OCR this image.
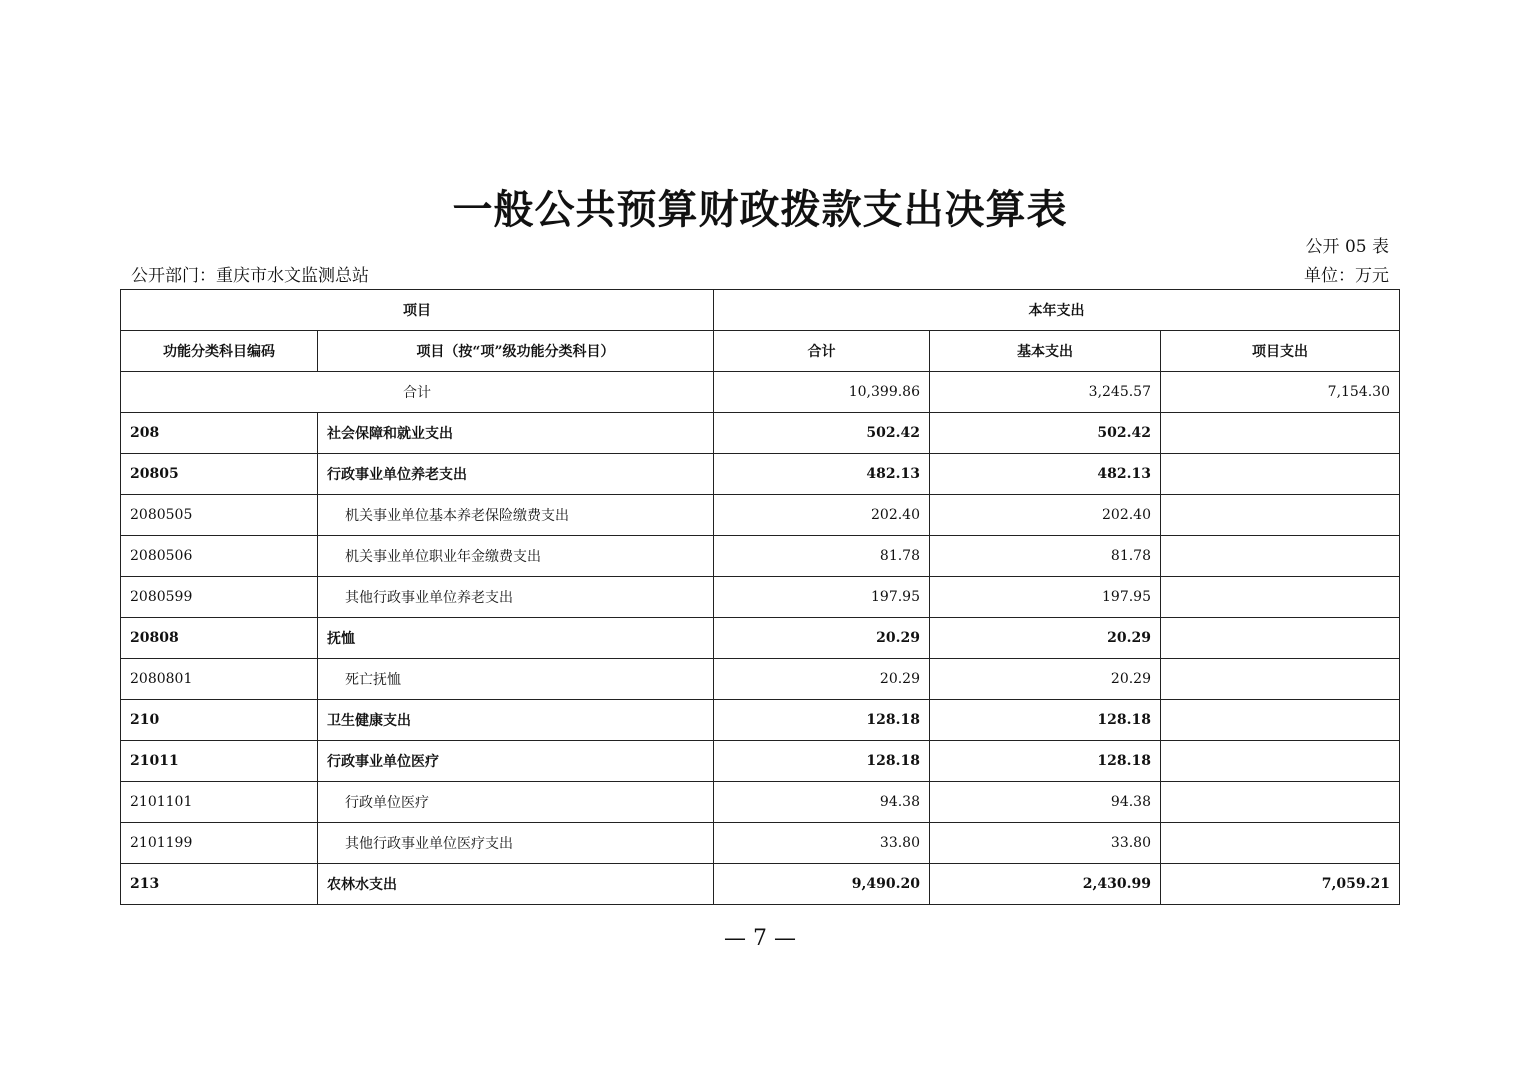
一般公共预算财政拨款支出决算表
公开 05 表
公开部门：重庆市水文监测总站	单位：万元
项目		本年支出		
功能分类科目编码	项目（按“项”级功能分类科目）	合计	基本支出	项目支出
合计		10,399.86	3,245.57	7,154.30
208	社会保障和就业支出	502.42	502.42	
20805	行政事业单位养老支出	482.13	482.13	
2080505	机关事业单位基本养老保险缴费支出	202.40	202.40	
2080506	机关事业单位职业年金缴费支出	81.78	81.78	
2080599	其他行政事业单位养老支出	197.95	197.95	
20808	抚恤	20.29	20.29	
2080801	死亡抚恤	20.29	20.29	
210	卫生健康支出	128.18	128.18	
21011	行政事业单位医疗	128.18	128.18	
2101101	行政单位医疗	94.38	94.38	
2101199	其他行政事业单位医疗支出	33.80	33.80	
213	农林水支出	9,490.20	2,430.99	7,059.21
— 7 —
